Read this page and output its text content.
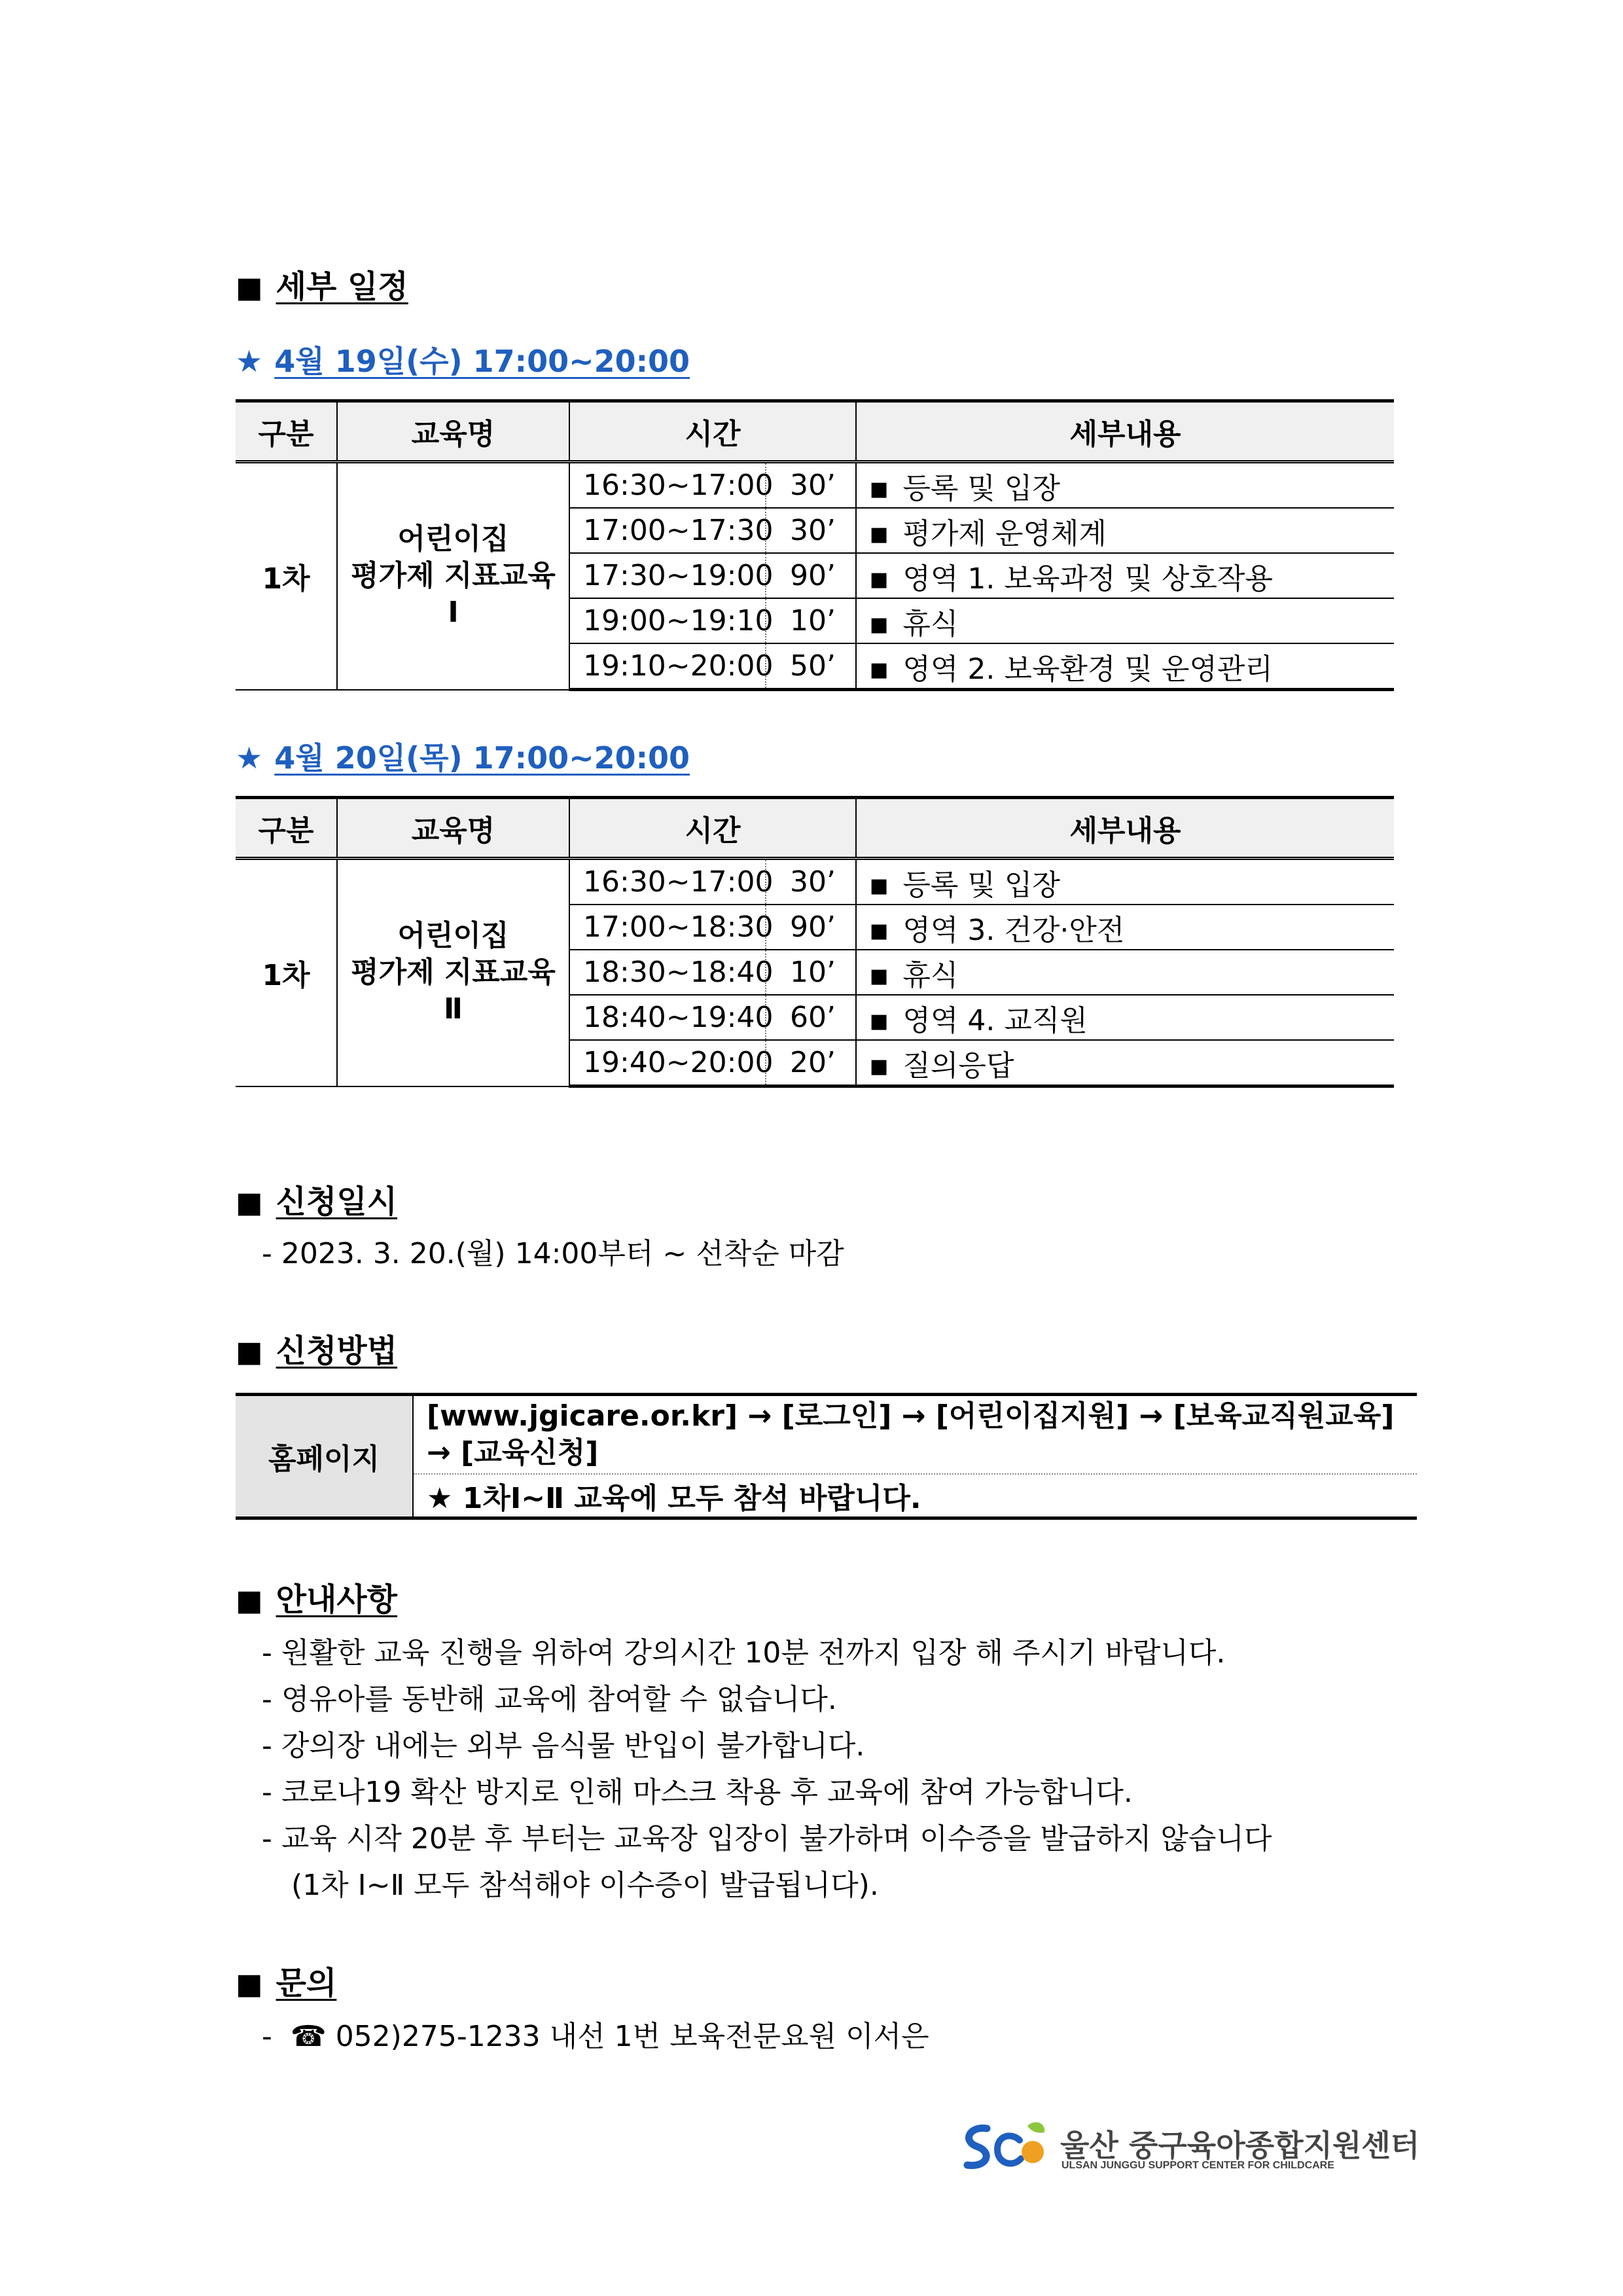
■ 세부 일정
★ 4월 19일(수) 17:00~20:00
구분	교육명	시간		세부내용
1차	어린이집
평가제 지표교육
Ⅰ	16:30~17:00	30’	■ 등록 및 입장
		17:00~17:30	30’	■ 평가제 운영체계
		17:30~19:00	90’	■ 영역 1. 보육과정 및 상호작용
		19:00~19:10	10’	■ 휴식
		19:10~20:00	50’	■ 영역 2. 보육환경 및 운영관리
★ 4월 20일(목) 17:00~20:00
구분	교육명	시간		세부내용
1차	어린이집
평가제 지표교육
Ⅱ	16:30~17:00	30’	■ 등록 및 입장
		17:00~18:30	90’	■ 영역 3. 건강·안전
		18:30~18:40	10’	■ 휴식
		18:40~19:40	60’	■ 영역 4. 교직원
		19:40~20:00	20’	■ 질의응답
■ 신청일시
- 2023. 3. 20.(월) 14:00부터 ~ 선착순 마감
■ 신청방법
홈페이지	
[www.jgicare.or.kr] → [로그인] → [어린이집지원] → [보육교직원교육]
→ [교육신청]

★ 1차Ⅰ~Ⅱ 교육에 모두 참석 바랍니다.
■ 안내사항
- 원활한 교육 진행을 위하여 강의시간 10분 전까지 입장 해 주시기 바랍니다.
- 영유아를 동반해 교육에 참여할 수 없습니다.
- 강의장 내에는 외부 음식물 반입이 불가합니다.
- 코로나19 확산 방지로 인해 마스크 착용 후 교육에 참여 가능합니다.
- 교육 시작 20분 후 부터는 교육장 입장이 불가하며 이수증을 발급하지 않습니다
(1차 Ⅰ~Ⅱ 모두 참석해야 이수증이 발급됩니다).
■ 문의
- ☎ 052)275-1233 내선 1번 보육전문요원 이서은
울산 중구육아종합지원센터
ULSAN JUNGGU SUPPORT CENTER FOR CHILDCARE
